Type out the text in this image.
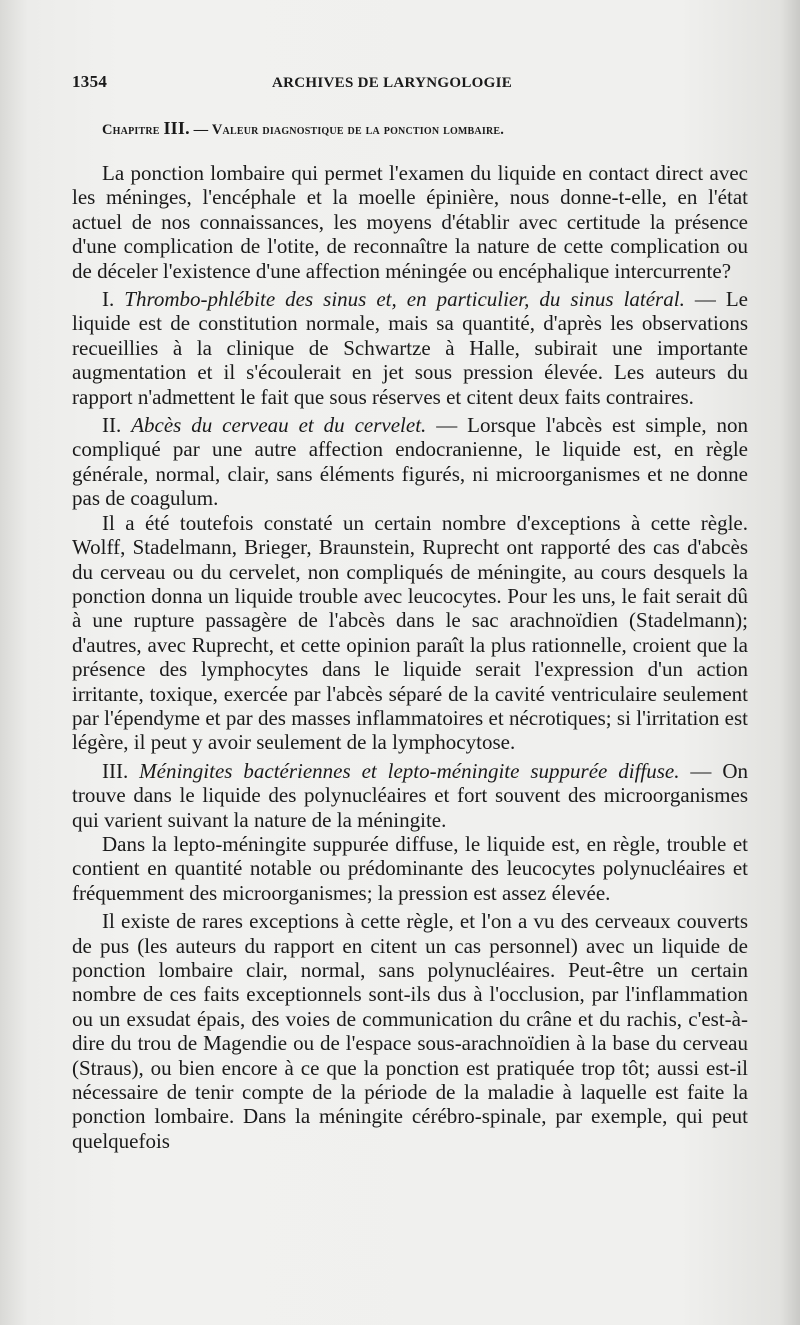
1354	ARCHIVES DE LARYNGOLOGIE
Chapitre III. — Valeur diagnostique de la ponction lombaire.

La ponction lombaire qui permet l'examen du liquide en contact direct avec les méninges, l'encéphale et la moelle épinière, nous donne-t-elle, en l'état actuel de nos connaissances, les moyens d'établir avec certitude la présence d'une complication de l'otite, de reconnaître la nature de cette complication ou de déceler l'existence d'une affection méningée ou encéphalique intercurrente?

I. Thrombo-phlébite des sinus et, en particulier, du sinus latéral. — Le liquide est de constitution normale, mais sa quantité, d'après les observations recueillies à la clinique de Schwartze à Halle, subirait une importante augmentation et il s'écoulerait en jet sous pression élevée. Les auteurs du rapport n'admettent le fait que sous réserves et citent deux faits contraires.

II. Abcès du cerveau et du cervelet. — Lorsque l'abcès est simple, non compliqué par une autre affection endocranienne, le liquide est, en règle générale, normal, clair, sans éléments figurés, ni microorganismes et ne donne pas de coagulum.

Il a été toutefois constaté un certain nombre d'exceptions à cette règle. Wolff, Stadelmann, Brieger, Braunstein, Ruprecht ont rapporté des cas d'abcès du cerveau ou du cervelet, non compliqués de méningite, au cours desquels la ponction donna un liquide trouble avec leucocytes. Pour les uns, le fait serait dû à une rupture passagère de l'abcès dans le sac arachnoïdien (Stadelmann); d'autres, avec Ruprecht, et cette opinion paraît la plus rationnelle, croient que la présence des lymphocytes dans le liquide serait l'expression d'un action irritante, toxique, exercée par l'abcès séparé de la cavité ventriculaire seulement par l'épendyme et par des masses inflammatoires et nécrotiques; si l'irritation est légère, il peut y avoir seulement de la lymphocytose.

III. Méningites bactériennes et lepto-méningite suppurée diffuse. — On trouve dans le liquide des polynucléaires et fort souvent des microorganismes qui varient suivant la nature de la méningite.

Dans la lepto-méningite suppurée diffuse, le liquide est, en règle, trouble et contient en quantité notable ou prédominante des leucocytes polynucléaires et fréquemment des microorganismes; la pression est assez élevée.

Il existe de rares exceptions à cette règle, et l'on a vu des cerveaux couverts de pus (les auteurs du rapport en citent un cas personnel) avec un liquide de ponction lombaire clair, normal, sans polynucléaires. Peut-être un certain nombre de ces faits exceptionnels sont-ils dus à l'occlusion, par l'inflammation ou un exsudat épais, des voies de communication du crâne et du rachis, c'est-à-dire du trou de Magendie ou de l'espace sous-arachnoïdien à la base du cerveau (Straus), ou bien encore à ce que la ponction est pratiquée trop tôt; aussi est-il nécessaire de tenir compte de la période de la maladie à laquelle est faite la ponction lombaire. Dans la méningite cérébro-spinale, par exemple, qui peut quelquefois
